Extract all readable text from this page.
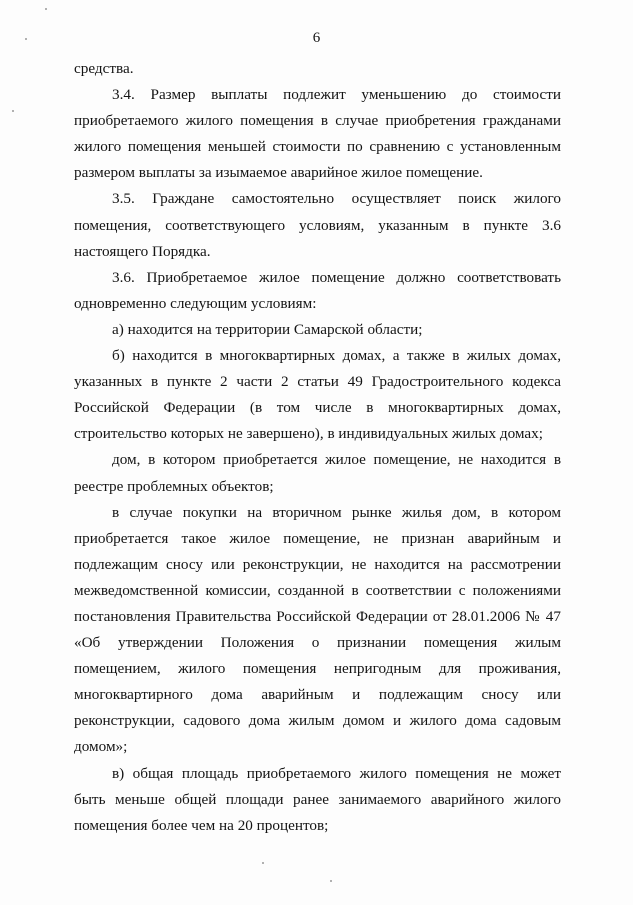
6

средства.

3.4. Размер выплаты подлежит уменьшению до стоимости приобретаемого жилого помещения в случае приобретения гражданами жилого помещения меньшей стоимости по сравнению с установленным размером выплаты за изымаемое аварийное жилое помещение.

3.5. Граждане самостоятельно осуществляет поиск жилого помещения, соответствующего условиям, указанным в пункте 3.6 настоящего Порядка.

3.6. Приобретаемое жилое помещение должно соответствовать одновременно следующим условиям:

а) находится на территории Самарской области;

б) находится в многоквартирных домах, а также в жилых домах, указанных в пункте 2 части 2 статьи 49 Градостроительного кодекса Российской Федерации (в том числе в многоквартирных домах, строительство которых не завершено), в индивидуальных жилых домах;

дом, в котором приобретается жилое помещение, не находится в реестре проблемных объектов;

в случае покупки на вторичном рынке жилья дом, в котором приобретается такое жилое помещение, не признан аварийным и подлежащим сносу или реконструкции, не находится на рассмотрении межведомственной комиссии, созданной в соответствии с положениями постановления Правительства Российской Федерации от 28.01.2006 № 47 «Об утверждении Положения о признании помещения жилым помещением, жилого помещения непригодным для проживания, многоквартирного дома аварийным и подлежащим сносу или реконструкции, садового дома жилым домом и жилого дома садовым домом»;

в) общая площадь приобретаемого жилого помещения не может быть меньше общей площади ранее занимаемого аварийного жилого помещения более чем на 20 процентов;
